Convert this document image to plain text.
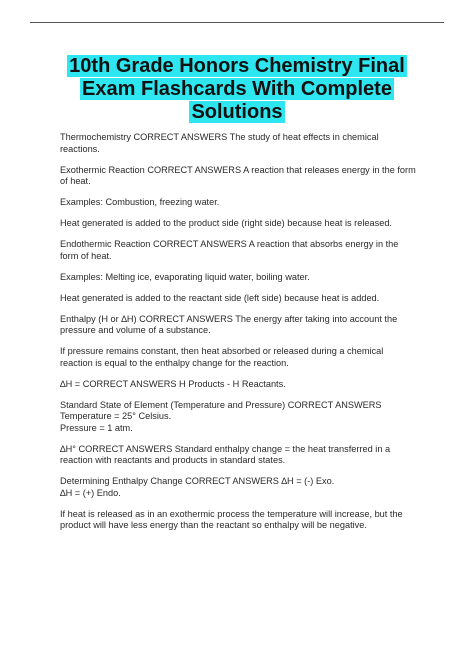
10th Grade Honors Chemistry Final
Exam Flashcards With Complete
Solutions

Thermochemistry CORRECT ANSWERS The study of heat effects in chemical
reactions.

Exothermic Reaction CORRECT ANSWERS A reaction that releases energy in the form
of heat.

Examples: Combustion, freezing water.

Heat generated is added to the product side (right side) because heat is released.

Endothermic Reaction CORRECT ANSWERS A reaction that absorbs energy in the
form of heat.

Examples: Melting ice, evaporating liquid water, boiling water.

Heat generated is added to the reactant side (left side) because heat is added.

Enthalpy (H or ∆H) CORRECT ANSWERS The energy after taking into account the
pressure and volume of a substance.

If pressure remains constant, then heat absorbed or released during a chemical
reaction is equal to the enthalpy change for the reaction.

∆H = CORRECT ANSWERS H Products - H Reactants.

Standard State of Element (Temperature and Pressure) CORRECT ANSWERS
Temperature = 25° Celsius.
Pressure = 1 atm.

∆H° CORRECT ANSWERS Standard enthalpy change = the heat transferred in a
reaction with reactants and products in standard states.

Determining Enthalpy Change CORRECT ANSWERS ∆H = (-) Exo.
∆H = (+) Endo.

If heat is released as in an exothermic process the temperature will increase, but the
product will have less energy than the reactant so enthalpy will be negative.
